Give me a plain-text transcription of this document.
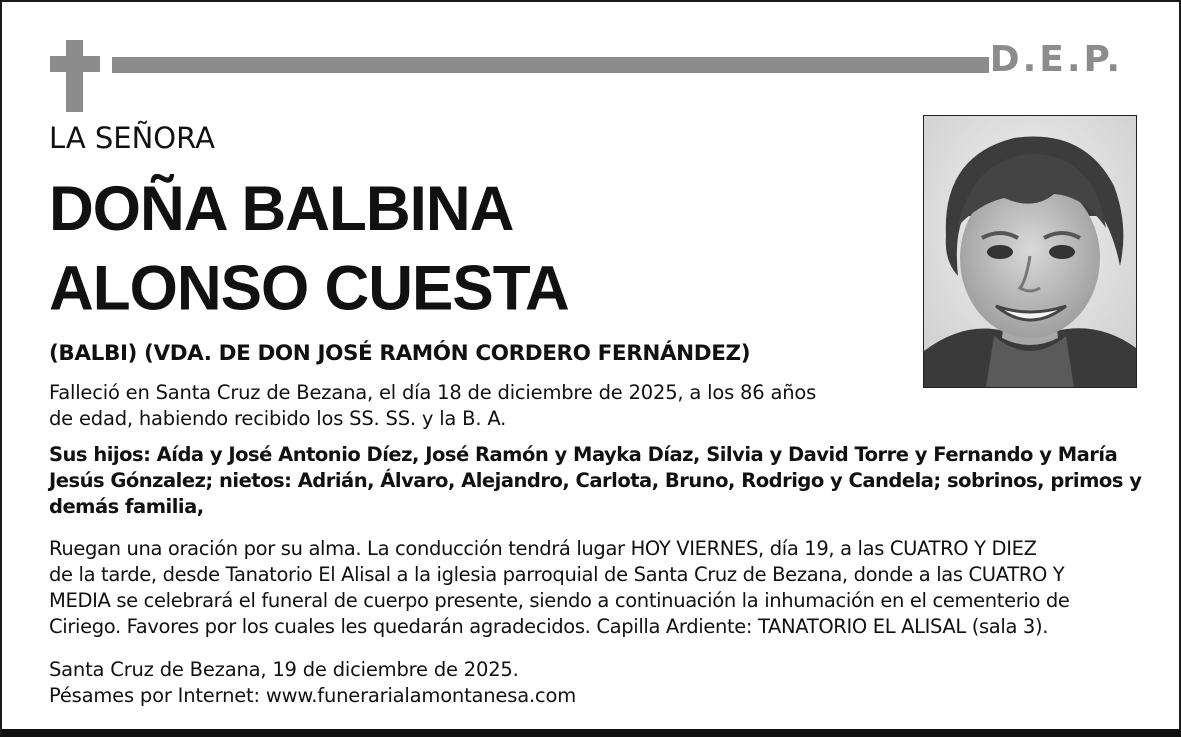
D.E.P.
LA SEÑORA
DOÑA BALBINA
ALONSO CUESTA
(BALBI) (VDA. DE DON JOSÉ RAMÓN CORDERO FERNÁNDEZ)
Falleció en Santa Cruz de Bezana, el día 18 de diciembre de 2025, a los 86 años
de edad, habiendo recibido los SS. SS. y la B. A.
Sus hijos: Aída y José Antonio Díez, José Ramón y Mayka Díaz, Silvia y David Torre y Fernando y María
Jesús Gónzalez; nietos: Adrián, Álvaro, Alejandro, Carlota, Bruno, Rodrigo y Candela; sobrinos, primos y
demás familia,
Ruegan una oración por su alma. La conducción tendrá lugar HOY VIERNES, día 19, a las CUATRO Y DIEZ
de la tarde, desde Tanatorio El Alisal a la iglesia parroquial de Santa Cruz de Bezana, donde a las CUATRO Y
MEDIA se celebrará el funeral de cuerpo presente, siendo a continuación la inhumación en el cementerio de
Ciriego. Favores por los cuales les quedarán agradecidos. Capilla Ardiente: TANATORIO EL ALISAL (sala 3).
Santa Cruz de Bezana, 19 de diciembre de 2025.
Pésames por Internet: www.funerarialamontanesa.com
